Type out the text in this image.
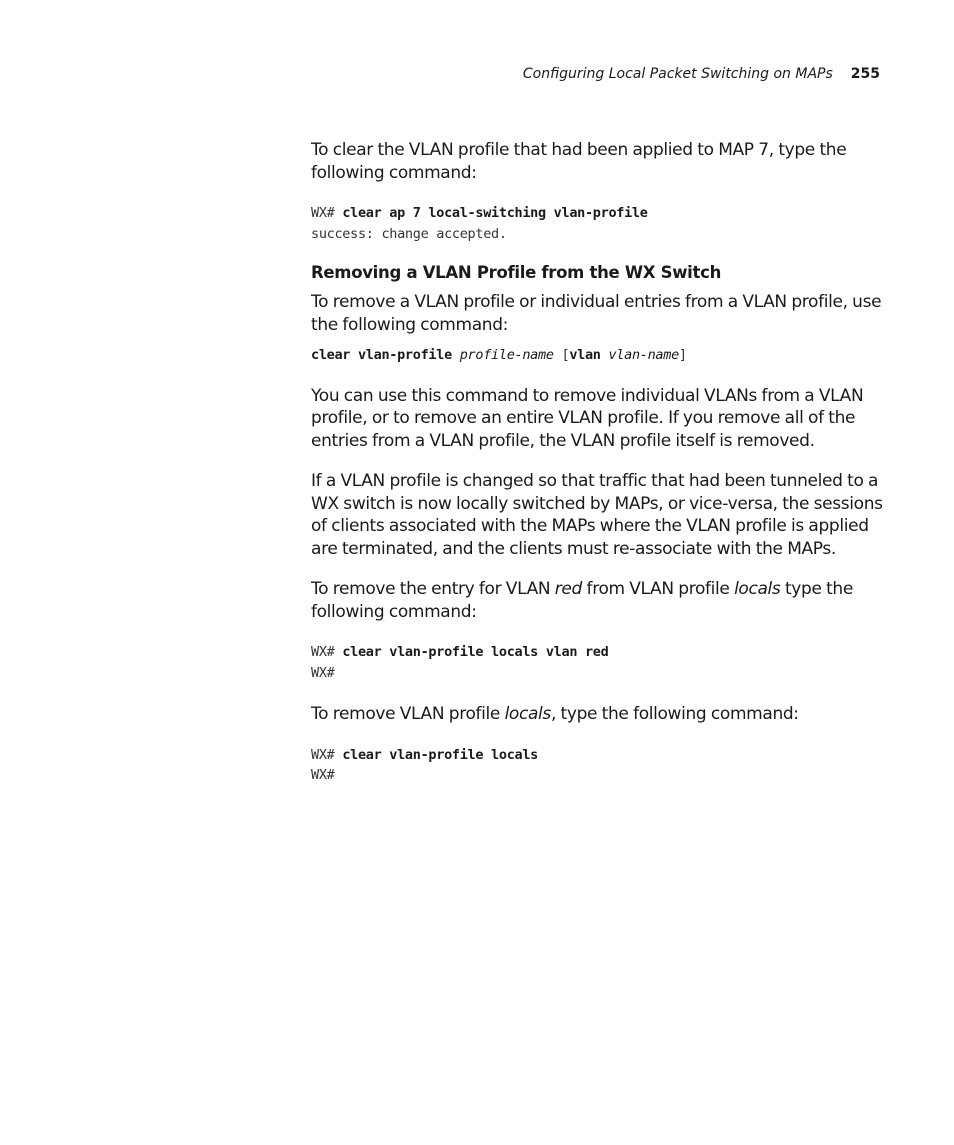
Configuring Local Packet Switching on MAPs 255

To clear the VLAN profile that had been applied to MAP 7, type the following command:

WX# clear ap 7 local-switching vlan-profile
success: change accepted.
Removing a VLAN Profile from the WX Switch

To remove a VLAN profile or individual entries from a VLAN profile, use the following command:

clear vlan-profile profile-name [vlan vlan-name]

You can use this command to remove individual VLANs from a VLAN profile, or to remove an entire VLAN profile. If you remove all of the entries from a VLAN profile, the VLAN profile itself is removed.

If a VLAN profile is changed so that traffic that had been tunneled to a WX switch is now locally switched by MAPs, or vice-versa, the sessions of clients associated with the MAPs where the VLAN profile is applied are terminated, and the clients must re-associate with the MAPs.

To remove the entry for VLAN red from VLAN profile locals type the following command:

WX# clear vlan-profile locals vlan red
WX#

To remove VLAN profile locals, type the following command:

WX# clear vlan-profile locals
WX#
